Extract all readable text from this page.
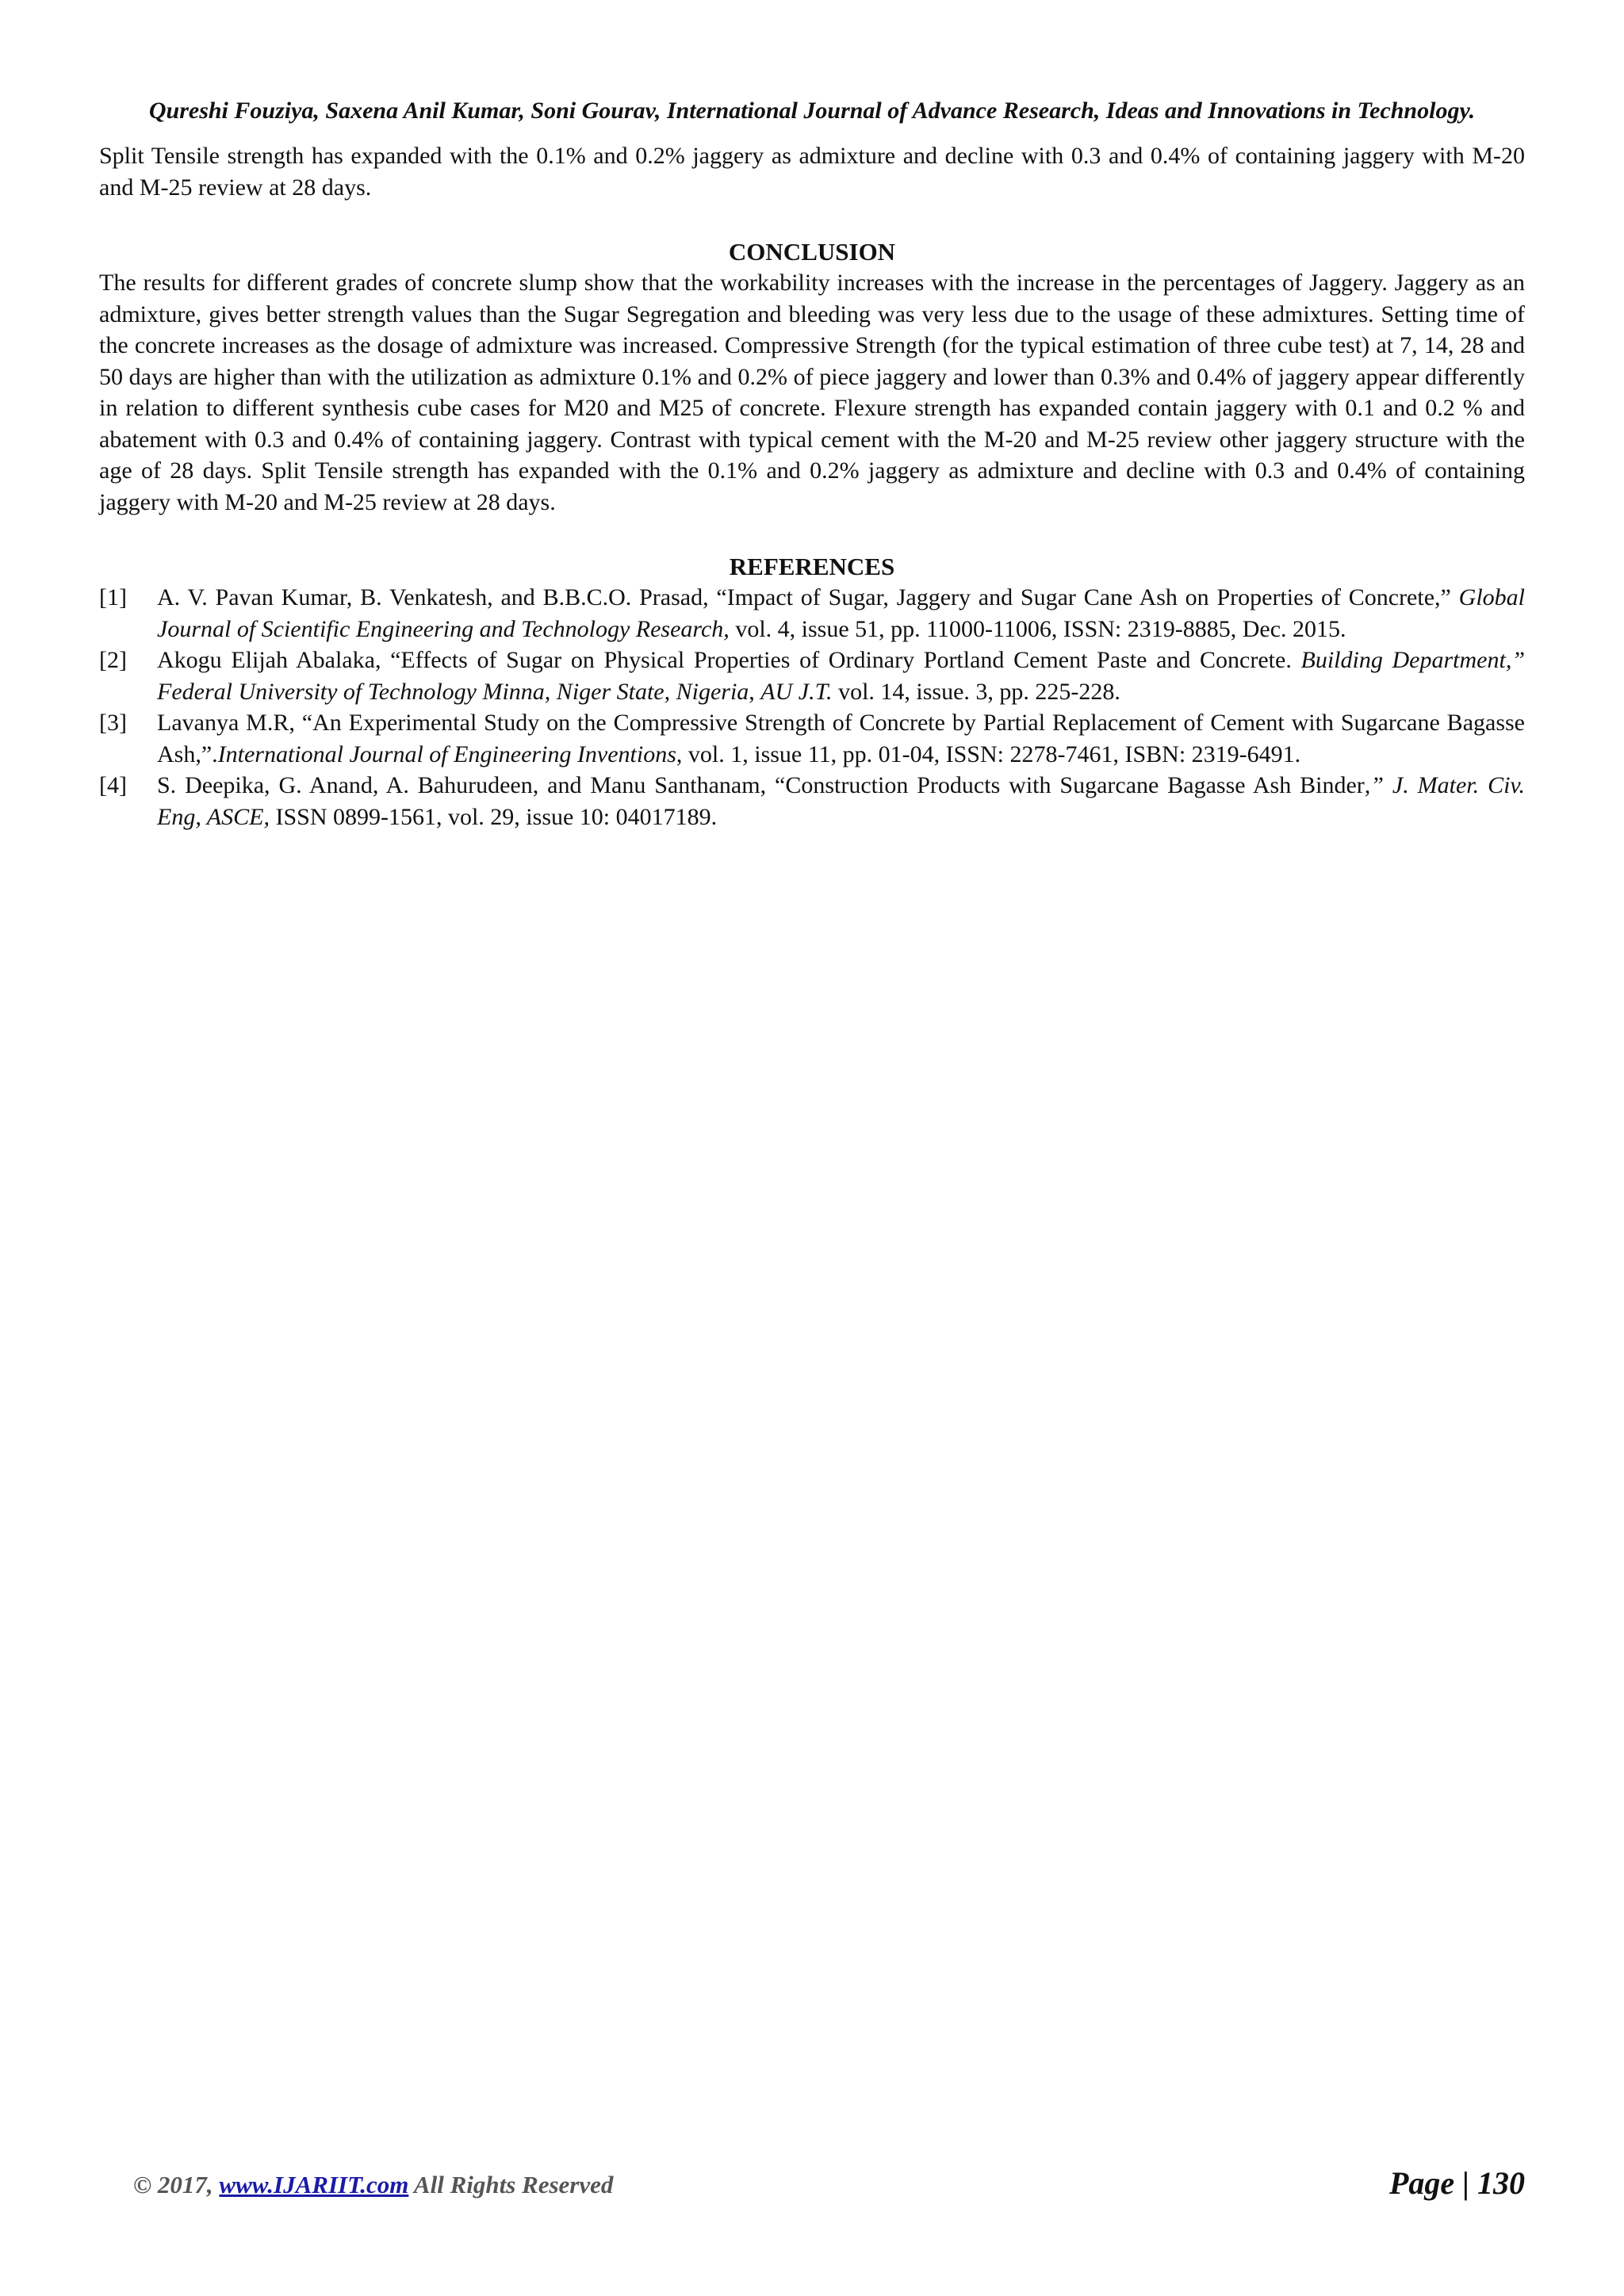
Qureshi Fouziya, Saxena Anil Kumar, Soni Gourav, International Journal of Advance Research, Ideas and Innovations in Technology.

Split Tensile strength has expanded with the 0.1% and 0.2% jaggery as admixture and decline with 0.3 and 0.4% of containing jaggery with M-20 and M-25 review at 28 days.

CONCLUSION

The results for different grades of concrete slump show that the workability increases with the increase in the percentages of Jaggery. Jaggery as an admixture, gives better strength values than the Sugar Segregation and bleeding was very less due to the usage of these admixtures. Setting time of the concrete increases as the dosage of admixture was increased. Compressive Strength (for the typical estimation of three cube test) at 7, 14, 28 and 50 days are higher than with the utilization as admixture 0.1% and 0.2% of piece jaggery and lower than 0.3% and 0.4% of jaggery appear differently in relation to different synthesis cube cases for M20 and M25 of concrete. Flexure strength has expanded contain jaggery with 0.1 and 0.2 % and abatement with 0.3 and 0.4% of containing jaggery. Contrast with typical cement with the M-20 and M-25 review other jaggery structure with the age of 28 days. Split Tensile strength has expanded with the 0.1% and 0.2% jaggery as admixture and decline with 0.3 and 0.4% of containing jaggery with M-20 and M-25 review at 28 days.

REFERENCES
[1] A. V. Pavan Kumar, B. Venkatesh, and B.B.C.O. Prasad, “Impact of Sugar, Jaggery and Sugar Cane Ash on Properties of Concrete,” Global Journal of Scientific Engineering and Technology Research, vol. 4, issue 51, pp. 11000-11006, ISSN: 2319-8885, Dec. 2015.
[2] Akogu Elijah Abalaka, “Effects of Sugar on Physical Properties of Ordinary Portland Cement Paste and Concrete. Building Department,” Federal University of Technology Minna, Niger State, Nigeria, AU J.T. vol. 14, issue. 3, pp. 225-228.
[3] Lavanya M.R, “An Experimental Study on the Compressive Strength of Concrete by Partial Replacement of Cement with Sugarcane Bagasse Ash,”.International Journal of Engineering Inventions, vol. 1, issue 11, pp. 01-04, ISSN: 2278-7461, ISBN: 2319-6491.
[4] S. Deepika, G. Anand, A. Bahurudeen, and Manu Santhanam, “Construction Products with Sugarcane Bagasse Ash Binder,” J. Mater. Civ. Eng, ASCE, ISSN 0899-1561, vol. 29, issue 10: 04017189.
© 2017, www.IJARIIT.com All Rights Reserved	Page | 130
